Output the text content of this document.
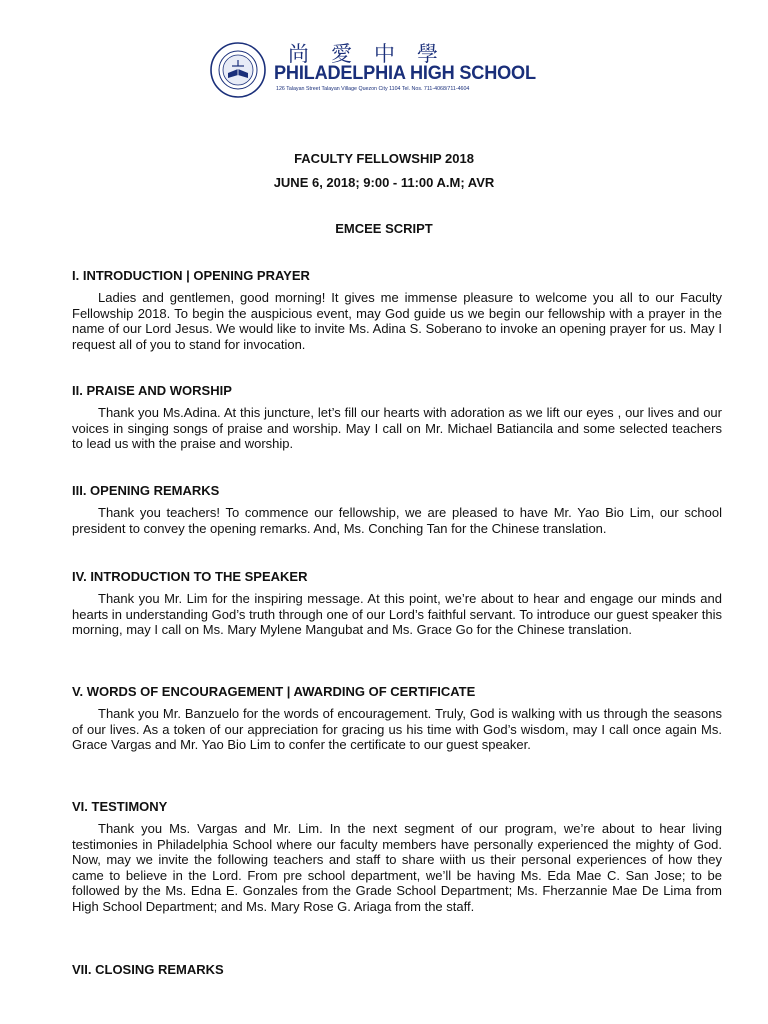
尚愛中學
PHILADELPHIA HIGH SCHOOL
126 Talayan Street Talayan Village Quezon City 1104 Tel. Nos. 711-4068/711-4604
FACULTY FELLOWSHIP 2018
JUNE 6, 2018; 9:00 - 11:00 A.M; AVR
EMCEE SCRIPT
I. INTRODUCTION | OPENING PRAYER

Ladies and gentlemen, good morning! It gives me immense pleasure to welcome you all to our Faculty Fellowship 2018. To begin the auspicious event, may God guide us we begin our fellowship with a prayer in the name of our Lord Jesus. We would like to invite Ms. Adina S. Soberano to invoke an opening prayer for us. May I request all of you to stand for invocation.

II. PRAISE AND WORSHIP

Thank you Ms.Adina. At this juncture, let’s fill our hearts with adoration as we lift our eyes , our lives and our voices in singing songs of praise and worship. May I call on Mr. Michael Batiancila and some selected teachers to lead us with the praise and worship.

III. OPENING REMARKS

Thank you teachers! To commence our fellowship, we are pleased to have Mr. Yao Bio Lim, our school president to convey the opening remarks. And, Ms. Conching Tan for the Chinese translation.

IV. INTRODUCTION TO THE SPEAKER

Thank you Mr. Lim for the inspiring message. At this point, we’re about to hear and engage our minds and hearts in understanding God’s truth through one of our Lord’s faithful servant. To introduce our guest speaker this morning, may I call on Ms. Mary Mylene Mangubat and Ms. Grace Go for the Chinese translation.

V. WORDS OF ENCOURAGEMENT | AWARDING OF CERTIFICATE

Thank you Mr. Banzuelo for the words of encouragement. Truly, God is walking with us through the seasons of our lives. As a token of our appreciation for gracing us his time with God’s wisdom, may I call once again Ms. Grace Vargas and Mr. Yao Bio Lim to confer the certificate to our guest speaker.

VI. TESTIMONY

Thank you Ms. Vargas and Mr. Lim. In the next segment of our program, we’re about to hear living testimonies in Philadelphia School where our faculty members have personally experienced the mighty of God. Now, may we invite the following teachers and staff to share wiith us their personal experiences of how they came to believe in the Lord. From pre school department, we’ll be having Ms. Eda Mae C. San Jose; to be followed by the Ms. Edna E. Gonzales from the Grade School Department; Ms. Fherzannie Mae De Lima from High School Department; and Ms. Mary Rose G. Ariaga from the staff.

VII. CLOSING REMARKS
